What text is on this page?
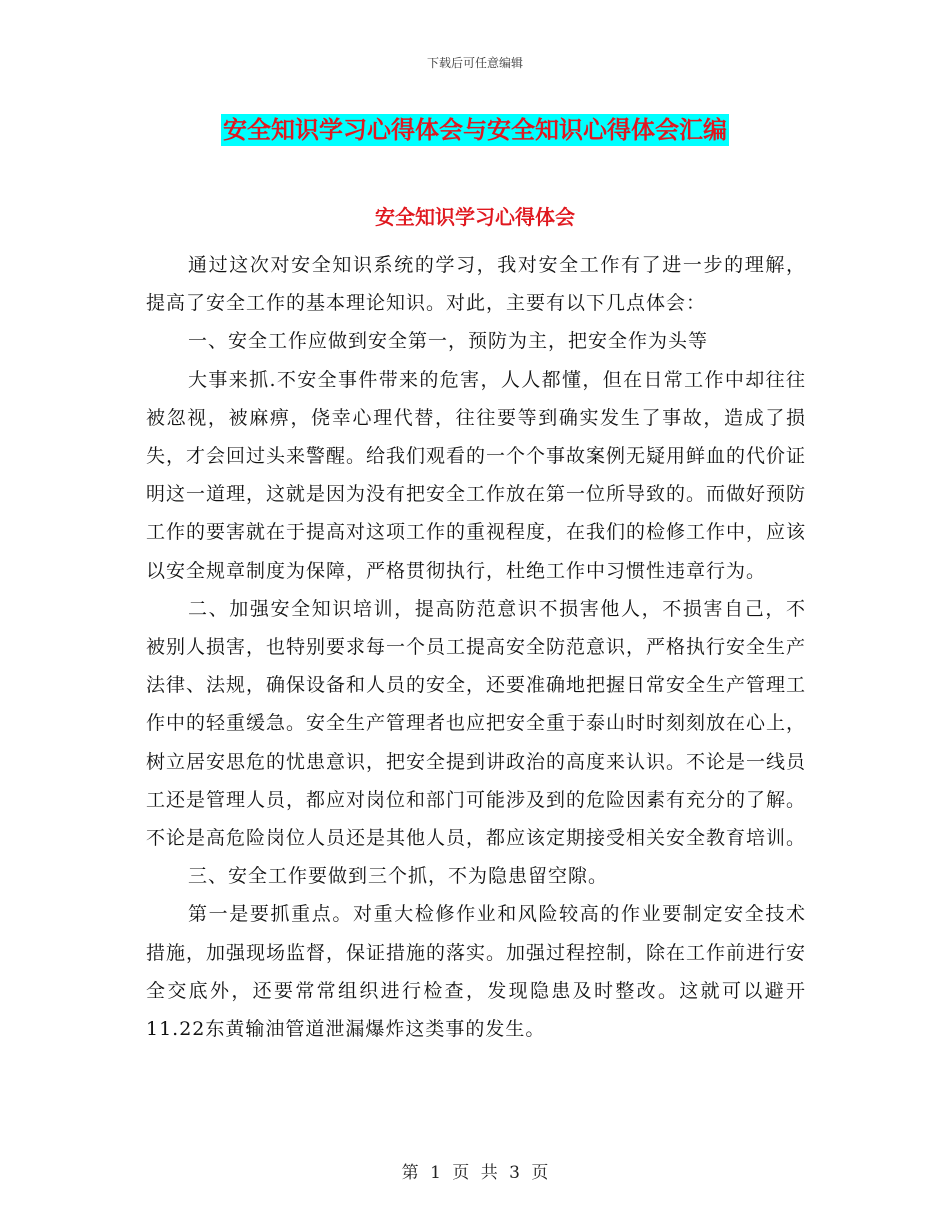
下载后可任意编辑
安全知识学习心得体会与安全知识心得体会汇编
安全知识学习心得体会

通过这次对安全知识系统的学习，我对安全工作有了进一步的理解，提高了安全工作的基本理论知识。对此，主要有以下几点体会：

一、安全工作应做到安全第一，预防为主，把安全作为头等

大事来抓.不安全事件带来的危害，人人都懂，但在日常工作中却往往被忽视，被麻痹，侥幸心理代替，往往要等到确实发生了事故，造成了损失，才会回过头来警醒。给我们观看的一个个事故案例无疑用鲜血的代价证明这一道理，这就是因为没有把安全工作放在第一位所导致的。而做好预防工作的要害就在于提高对这项工作的重视程度，在我们的检修工作中，应该以安全规章制度为保障，严格贯彻执行，杜绝工作中习惯性违章行为。

二、加强安全知识培训，提高防范意识不损害他人，不损害自己，不被别人损害，也特别要求每一个员工提高安全防范意识，严格执行安全生产法律、法规，确保设备和人员的安全，还要准确地把握日常安全生产管理工作中的轻重缓急。安全生产管理者也应把安全重于泰山时时刻刻放在心上，树立居安思危的忧患意识，把安全提到讲政治的高度来认识。不论是一线员工还是管理人员，都应对岗位和部门可能涉及到的危险因素有充分的了解。不论是高危险岗位人员还是其他人员，都应该定期接受相关安全教育培训。

三、安全工作要做到三个抓，不为隐患留空隙。

第一是要抓重点。对重大检修作业和风险较高的作业要制定安全技术措施，加强现场监督，保证措施的落实。加强过程控制，除在工作前进行安全交底外，还要常常组织进行检查，发现隐患及时整改。这就可以避开11.22东黄输油管道泄漏爆炸这类事的发生。

第 1 页 共 3 页
